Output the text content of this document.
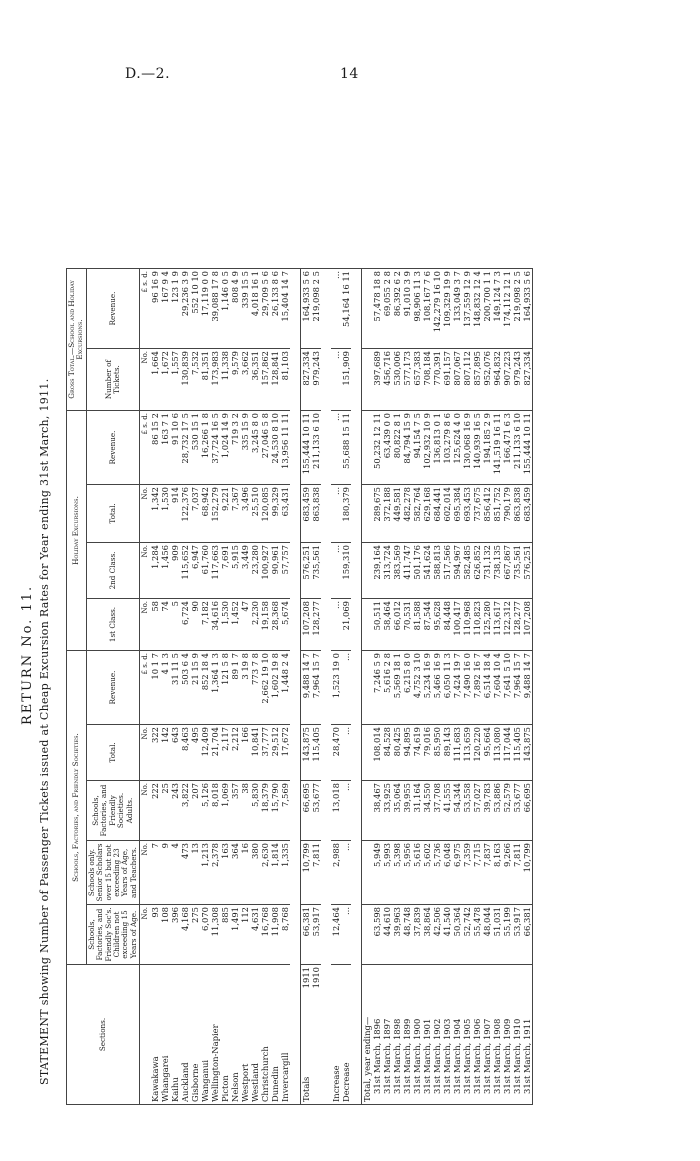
D.—2.	14
RETURN No. 11. STATEMENT showing Number of Passenger Tickets issued at Cheap Excursion Rates for Year ending 31st March, 1911.	Sections.	Schools, Factories, and Friendly Societies.					Holiday Excursions.				Gross Total.—School and Holiday Excursions.	
	Schools, Factories, and Friendly Soc's. Children not exceeding 15 Years of Age.	Schools only. Senior Scholars over 15 but not exceeding 23 Years of Age, and Teachers.	Schools, Factories, and Friendly Societies. Adults.	Total.	Revenue.	1st Class.	2nd Class.	Total.	Revenue.	Number of Tickets.	Revenue.
	No.	No.	No.	No.	£ s. d.	No.	No.	No.	£ s. d.	No.	£ s. d.
Kawakawa	93	7	222	322	10 1 7	58	1,284	1,342	86 15 2	1,664	96 16 9
Whangarei	108	9	25	142	4 1 3	74	1,456	1,530	163 7 1	1,672	167 9 4
Kaihu	396	4	243	643	31 11 5	5	909	914	91 10 6	1,557	123 1 9
Auckland	4,168	473	3,822	8,463	503 6 4	6,724	115,652	122,376	28,732 17 5	130,839	29,236 3 9
Gisborne	275	13	207	495	21 15 9	90	6,947	7,037	530 15 1	7,532	552 10 10
Wanganui	6,070	1,213	5,126	12,409	852 18 4	7,182	61,760	68,942	16,266 1 8	81,351	17,119 0 0
Wellington-Napier	11,308	2,378	8,018	21,704	1,364 1 3	34,616	117,663	152,279	37,724 16 5	173,983	39,088 17 8
Picton	885	163	1,069	2,117	121 5 8	1,530	7,691	9,221	1,024 14 9	11,338	1,146 0 5
Nelson	1,491	364	357	2,212	89 1 7	1,452	5,915	7,367	719 3 2	9,579	808 4 9
Westport	112	16	38	166	3 19 8	47	3,449	3,496	335 15 9	3,662	339 15 5
Westland	4,631	380	5,830	10,841	773 7 8	2,230	23,280	25,510	3,245 8 0	36,351	4,018 16 1
Christchurch	16,768	2,630	18,379	37,777	2,662 19 10	19,158	100,927	120,085	27,046 5 8	157,862	29,709 5 6
Dunedin	11,908	1,814	15,790	29,512	1,602 19 8	28,368	90,961	99,329	24,530 8 10	128,841	26,133 8 6
Invercargill	8,768	1,335	7,569	17,672	1,448 2 4	5,674	57,757	63,431	13,956 11 11	81,103	15,404 14 7

Totals
1911	66,381	10,799	66,695	143,875	9,488 14 7	107,208	576,251	683,459	155,444 10 11	827,334	164,933 5 6

1910	53,917	7,811	53,677	115,405	7,964 15 7	128,277	735,561	863,838	211,133 6 10	979,243	219,098 2 5

Increase	12,464	2,988	13,018	28,470	1,523 19 0	...	...	...	...	...	...
Decrease	...	...	...	...	...	21,069	159,310	180,379	55,688 15 11	151,909	54,164 16 11

Total, year ending—											
31st March, 1896	63,598	5,949	38,467	108,014	7,246 5 9	50,511	239,164	289,675	50,232 12 11	397,689	57,478 18 8
31st March, 1897	44,610	5,993	33,925	84,528	5,616 2 8	58,464	313,724	372,188	63,439 0 0	456,716	69,055 2 8
31st March, 1898	39,963	5,398	35,064	80,425	5,569 18 1	66,012	383,569	449,581	80,822 8 1	530,006	86,392 6 2
31st March, 1899	48,748	5,956	39,955	94,895	6,215 8 0	70,531	411,747	482,278	84,794 15 9	577,173	91,010 3 9
31st March, 1900	37,839	5,616	31,164	74,619	4,752 3 10	81,588	501,176	582,764	94,154 7 5	657,383	98,906 11 3
31st March, 1901	38,864	5,602	34,550	79,016	5,234 16 9	87,544	541,624	629,168	102,932 10 9	708,184	108,167 7 6
31st March, 1902	42,506	5,736	37,708	85,950	5,466 16 9	95,628	588,813	684,441	136,813 0 1	770,391	142,279 16 10
31st March, 1903	41,540	6,048	41,555	89,143	6,050 11 3	84,448	517,566	602,014	103,279 8 6	691,157	109,329 19 9
31st March, 1904	50,364	6,975	54,344	111,683	7,424 19 7	100,417	594,967	695,384	125,624 4 0	807,067	133,049 3 7
31st March, 1905	52,742	7,359	53,558	113,659	7,490 16 0	110,968	582,485	693,453	130,068 16 9	807,112	137,559 12 9
31st March, 1906	55,478	7,715	57,027	120,220	7,892 16 7	110,823	626,852	737,675	140,939 16 5	857,895	148,832 12 4
31st March, 1907	48,044	7,837	39,783	95,664	6,514 18 4	125,280	731,132	856,412	194,185 2 9	952,076	200,700 1 1
31st March, 1908	51,031	8,163	53,886	113,080	7,604 10 4	113,617	738,135	851,752	141,519 16 11	964,832	149,124 7 3
31st March, 1909	55,199	9,266	52,579	117,044	7,641 5 10	122,312	667,867	790,179	166,471 6 3	907,223	174,112 12 1
31st March, 1910	53,917	7,811	53,677	115,405	7,964 15 7	128,277	735,561	863,838	211,133 6 10	979,243	219,098 2 5
31st March, 1911	66,381	10,799	66,695	143,875	9,488 14 7	107,208	576,251	683,459	155,444 10 11	827,334	164,933 5 6
